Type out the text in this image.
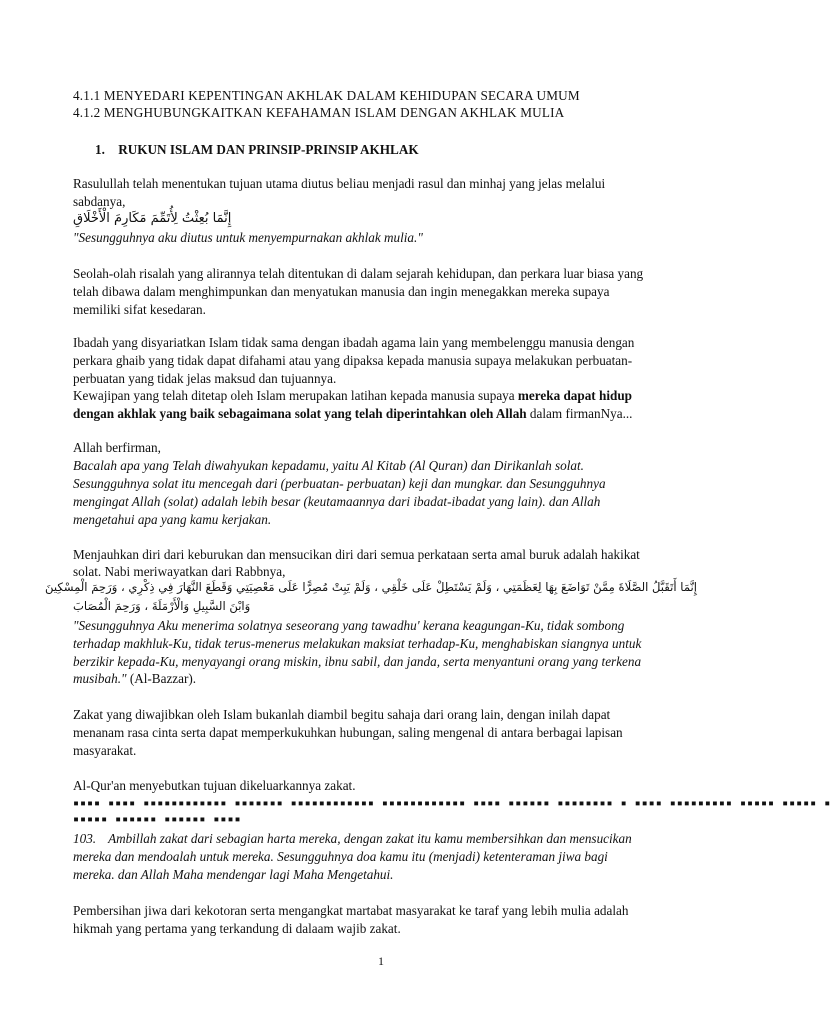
4.1.1 MENYEDARI KEPENTINGAN AKHLAK DALAM KEHIDUPAN SECARA UMUM
4.1.2 MENGHUBUNGKAITKAN KEFAHAMAN ISLAM DENGAN AKHLAK MULIA
1. RUKUN ISLAM DAN PRINSIP-PRINSIP AKHLAK
Rasulullah telah menentukan tujuan utama diutus beliau menjadi rasul dan minhaj yang jelas melalui
sabdanya,
إِنَّمَا بُعِثْتُ لِأُتَمِّمَ مَكَارِمَ الْأَخْلَاقِ
"Sesungguhnya aku diutus untuk menyempurnakan akhlak mulia."
Seolah-olah risalah yang alirannya telah ditentukan di dalam sejarah kehidupan, dan perkara luar biasa yang
telah dibawa dalam menghimpunkan dan menyatukan manusia dan ingin menegakkan mereka supaya
memiliki sifat kesedaran.
Ibadah yang disyariatkan Islam tidak sama dengan ibadah agama lain yang membelenggu manusia dengan
perkara ghaib yang tidak dapat difahami atau yang dipaksa kepada manusia supaya melakukan perbuatan-
perbuatan yang tidak jelas maksud dan tujuannya.
Kewajipan yang telah ditetap oleh Islam merupakan latihan kepada manusia supaya mereka dapat hidup
dengan akhlak yang baik sebagaimana solat yang telah diperintahkan oleh Allah dalam firmanNya...
Allah berfirman,
Bacalah apa yang Telah diwahyukan kepadamu, yaitu Al Kitab (Al Quran) dan Dirikanlah solat.
Sesungguhnya solat itu mencegah dari (perbuatan- perbuatan) keji dan mungkar. dan Sesungguhnya
mengingat Allah (solat) adalah lebih besar (keutamaannya dari ibadat-ibadat yang lain). dan Allah
mengetahui apa yang kamu kerjakan.
Menjauhkan diri dari keburukan dan mensucikan diri dari semua perkataan serta amal buruk adalah hakikat
solat. Nabi meriwayatkan dari Rabbnya,
إِنَّمَا أَتَقَبَّلُ الصَّلَاةَ مِمَّنْ تَوَاضَعَ بِهَا لِعَظَمَتِي ، وَلَمْ يَسْتَطِلْ عَلَى خَلْقِي ، وَلَمْ يَبِتْ مُصِرًّا عَلَى مَعْصِيَتِي وَقَطَعَ النَّهَارَ فِي ذِكْرِي ، وَرَحِمَ الْمِسْكِينَ
وَابْنَ السَّبِيلِ وَالْأَرْمَلَةَ ، وَرَحِمَ الْمُصَابَ
"Sesungguhnya Aku menerima solatnya seseorang yang tawadhu' kerana keagungan-Ku, tidak sombong
terhadap makhluk-Ku, tidak terus-menerus melakukan maksiat terhadap-Ku, menghabiskan siangnya untuk
berzikir kepada-Ku, menyayangi orang miskin, ibnu sabil, dan janda, serta menyantuni orang yang terkena
musibah." (Al-Bazzar).
Zakat yang diwajibkan oleh Islam bukanlah diambil begitu sahaja dari orang lain, dengan inilah dapat
menanam rasa cinta serta dapat memperkukuhkan hubungan, saling mengenal di antara berbagai lapisan
masyarakat.
Al-Qur'an menyebutkan tujuan dikeluarkannya zakat.
▪▪▪▪ ▪▪▪▪ ▪▪▪▪▪▪▪▪▪▪▪▪ ▪▪▪▪▪▪▪ ▪▪▪▪▪▪▪▪▪▪▪▪ ▪▪▪▪▪▪▪▪▪▪▪▪ ▪▪▪▪ ▪▪▪▪▪▪ ▪▪▪▪▪▪▪▪ ▪ ▪▪▪▪ ▪▪▪▪▪▪▪▪▪ ▪▪▪▪▪ ▪▪▪▪▪ ▪
▪▪▪▪▪ ▪▪▪▪▪▪ ▪▪▪▪▪▪ ▪▪▪▪
103. Ambillah zakat dari sebagian harta mereka, dengan zakat itu kamu membersihkan dan mensucikan
mereka dan mendoalah untuk mereka. Sesungguhnya doa kamu itu (menjadi) ketenteraman jiwa bagi
mereka. dan Allah Maha mendengar lagi Maha Mengetahui.
Pembersihan jiwa dari kekotoran serta mengangkat martabat masyarakat ke taraf yang lebih mulia adalah
hikmah yang pertama yang terkandung di dalaam wajib zakat.
1
